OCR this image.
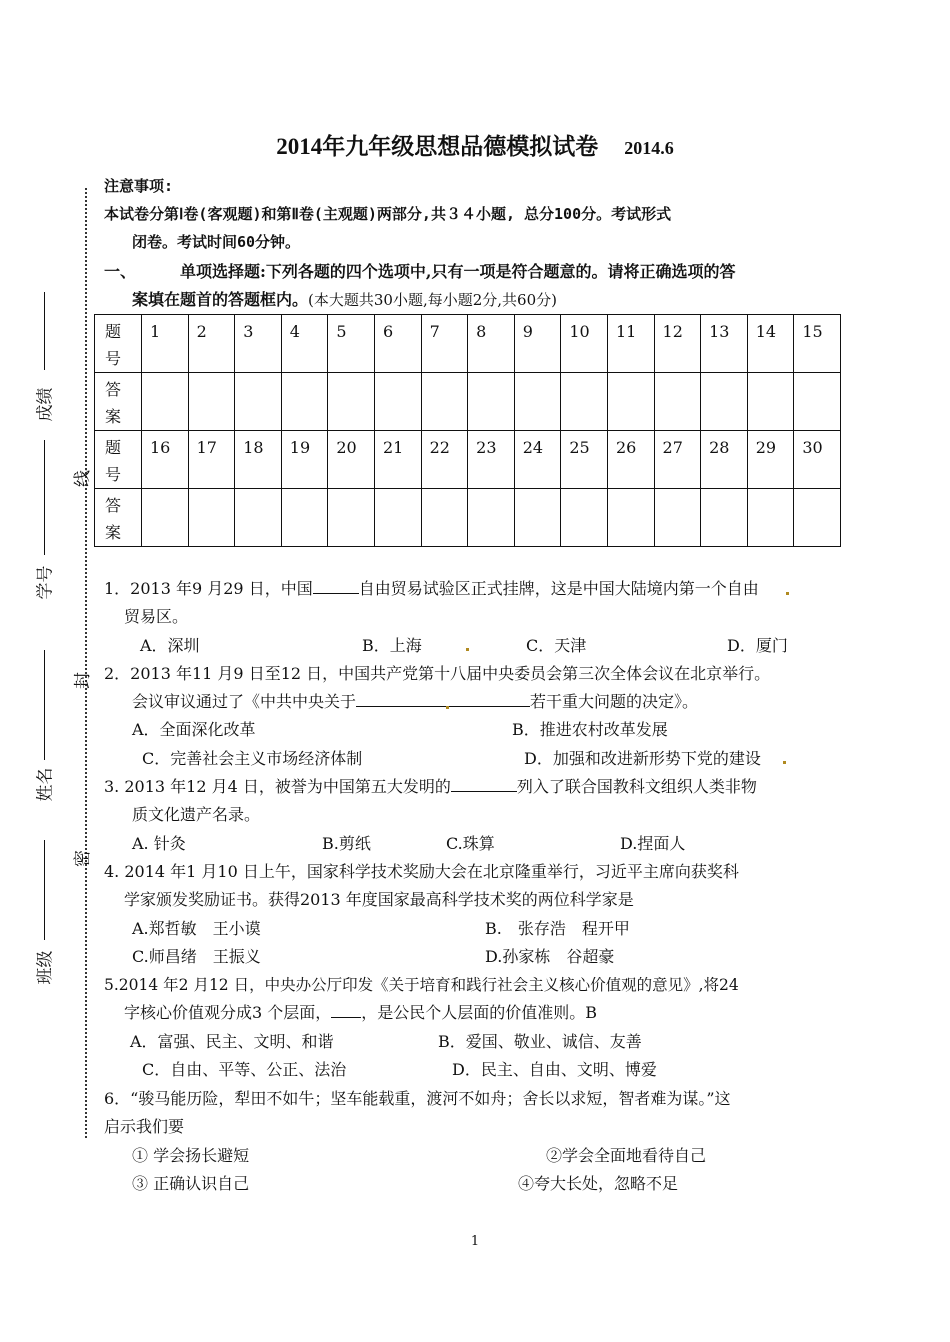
成绩
学号
姓名
班级
线
封
密
2014年九年级思想品德模拟试卷 2014.6
注意事项:
本试卷分第Ⅰ卷(客观题)和第Ⅱ卷(主观题)两部分,共３４小题, 总分100分。考试形式
闭卷。考试时间60分钟。
一、	单项选择题:下列各题的四个选项中,只有一项是符合题意的。请将正确选项的答
案填在题首的答题框内。(本大题共30小题,每小题2分,共60分)
题号	1	2	3	4	5	6	7	8	9	10	11	12	13	14	15

答案															

题号	16	17	18	19	20	21	22	23	24	25	26	27	28	29	30

答案															

1．2013 年9 月29 日，中国	自由贸易试验区正式挂牌，这是中国大陆境内第一个自由
贸易区。
A．深圳	B．上海	C．天津	D．厦门
2．2013 年11 月9 日至12 日，中国共产党第十八届中央委员会第三次全体会议在北京举行。
会议审议通过了《中共中央关于	若干重大问题的决定》。
A．全面深化改革	B．推进农村改革发展
C．完善社会主义市场经济体制	D．加强和改进新形势下党的建设
3. 2013 年12 月4 日，被誉为中国第五大发明的	列入了联合国教科文组织人类非物
质文化遗产名录。
A. 针灸	B.剪纸	C.珠算	D.捏面人
4. 2014 年1 月10 日上午，国家科学技术奖励大会在北京隆重举行，习近平主席向获奖科
学家颁发奖励证书。获得2013 年度国家最高科学技术奖的两位科学家是
A.郑哲敏　王小谟	B.　张存浩　程开甲
C.师昌绪　王振义	D.孙家栋　谷超豪
5.2014 年2 月12 日，中央办公厅印发《关于培育和践行社会主义核心价值观的意见》,将24
字核心价值观分成3 个层面， ，是公民个人层面的价值准则。B
A．富强、民主、文明、和谐	B．爱国、敬业、诚信、友善
C．自由、平等、公正、法治	D．民主、自由、文明、博爱
6．“骏马能历险，犁田不如牛；坚车能载重，渡河不如舟；舍长以求短，智者难为谋。”这
启示我们要
① 学会扬长避短	②学会全面地看待自己
③ 正确认识自己	④夸大长处，忽略不足
1
